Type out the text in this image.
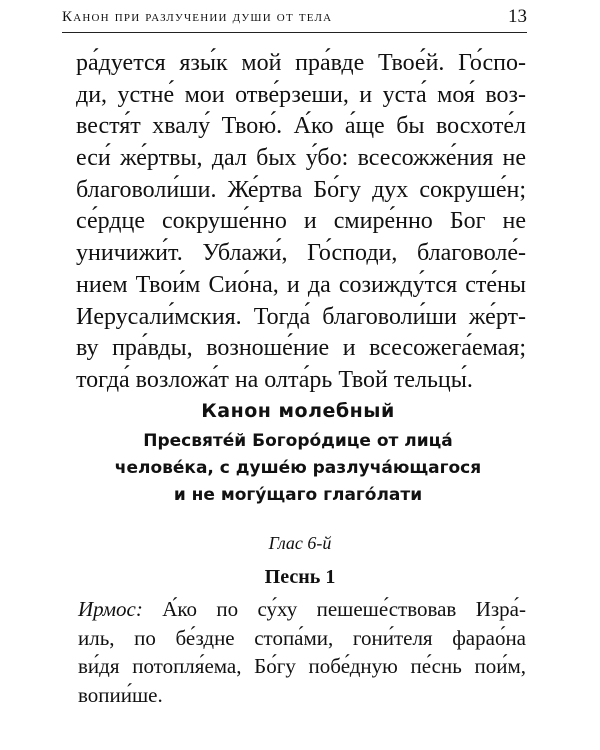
Канон при разлучении души от тела	13
ра́дуется язы́к мой пра́вде Твое́й. Го́спо-
ди, устне́ мои отве́рзеши, и уста́ моя́ воз-
вестя́т хвалу́ Твою́. А́ко а́ще бы восхоте́л
еси́ же́ртвы, дал бых у́бо: всесожже́ния не
благоволи́ши. Же́ртва Бо́гу дух сокруше́н;
се́рдце сокруше́нно и смире́нно Бог не
уничижи́т. Ублажи́, Го́споди, благоволе́-
нием Твои́м Сио́на, и да созижду́тся сте́ны
Иерусали́мския. Тогда́ благоволи́ши же́рт-
ву пра́вды, возноше́ние и всесожега́емая;
тогда́ возложа́т на олта́рь Твой тельцы́.
Канон молебный
Пресвяте́й Богоро́дице от лица́
челове́ка, с душе́ю разлуча́ющагося
и не могу́щаго глаго́лати
Глас 6-й
Песнь 1
Ирмос: А́ко по су́ху пешеше́ствовав Изра́-
иль, по бе́здне стопа́ми, гони́теля фарао́на
ви́дя потопля́ема, Бо́гу побе́дную пе́снь пои́м,
вопии́ше.
